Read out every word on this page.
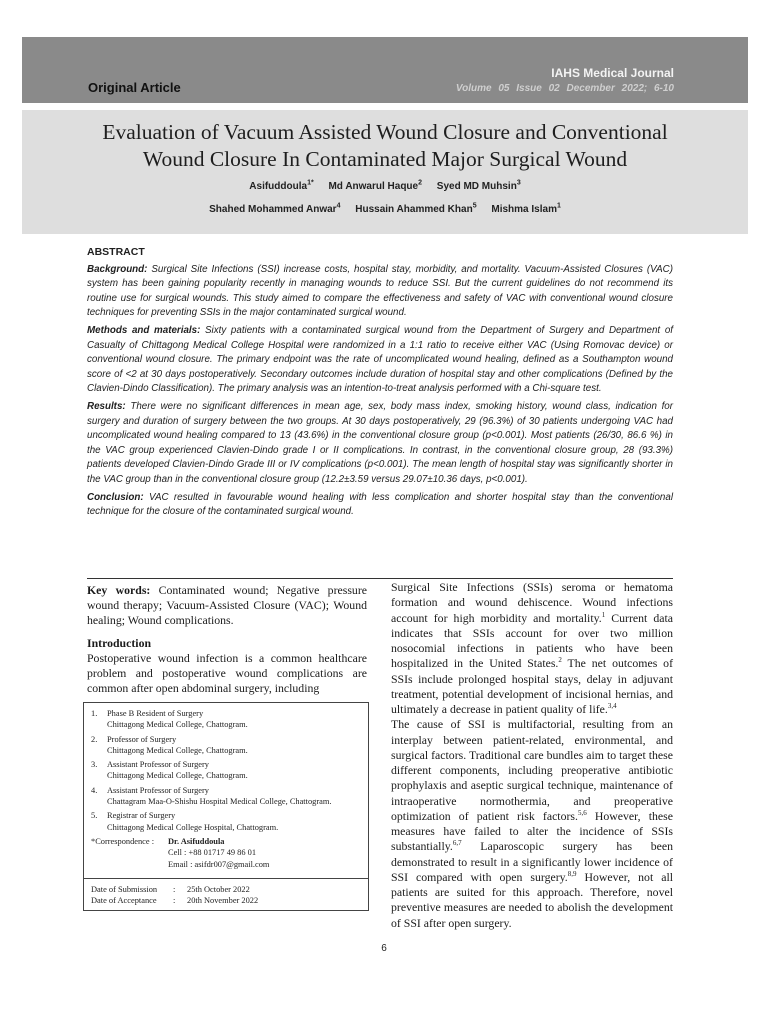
Original Article
IAHS Medical Journal
Volume 05 Issue 02 December 2022; 6-10
Evaluation of Vacuum Assisted Wound Closure and Conventional
Wound Closure In Contaminated Major Surgical Wound
Asifuddoula$^{1*}$ Md Anwarul Haque$^2$ Syed MD Muhsin$^3$
Shahed Mohammed Anwar$^4$ Hussain Ahammed Khan$^5$ Mishma Islam$^1$
ABSTRACT

Background: Surgical Site Infections (SSI) increase costs, hospital stay, morbidity, and mortality. Vacuum-Assisted Closures (VAC) system has been gaining popularity recently in managing wounds to reduce SSI. But the current guidelines do not recommend its routine use for surgical wounds. This study aimed to compare the effectiveness and safety of VAC with conventional wound closure techniques for preventing SSIs in the major contaminated surgical wound.

Methods and materials: Sixty patients with a contaminated surgical wound from the Department of Surgery and Department of Casualty of Chittagong Medical College Hospital were randomized in a 1:1 ratio to receive either VAC (Using Romovac device) or conventional wound closure. The primary endpoint was the rate of uncomplicated wound healing, defined as a Southampton wound score of <2 at 30 days postoperatively. Secondary outcomes include duration of hospital stay and other complications (Defined by the Clavien-Dindo Classification). The primary analysis was an intention-to-treat analysis performed with a Chi-square test.

Results: There were no significant differences in mean age, sex, body mass index, smoking history, wound class, indication for surgery and duration of surgery between the two groups. At 30 days postoperatively, 29 (96.3%) of 30 patients undergoing VAC had uncomplicated wound healing compared to 13 (43.6%) in the conventional closure group (p<0.001). Most patients (26/30, 86.6 %) in the VAC group experienced Clavien-Dindo grade I or II complications. In contrast, in the conventional closure group, 28 (93.3%) patients developed Clavien-Dindo Grade III or IV complications (p<0.001). The mean length of hospital stay was significantly shorter in the VAC group than in the conventional closure group (12.2±3.59 versus 29.07±10.36 days, p<0.001).

Conclusion: VAC resulted in favourable wound healing with less complication and shorter hospital stay than the conventional technique for the closure of the contaminated surgical wound.

Key words: Contaminated wound; Negative pressure wound therapy; Vacuum-Assisted Closure (VAC); Wound healing; Wound complications.

Introduction

Postoperative wound infection is a common healthcare problem and postoperative wound complications are common after open abdominal surgery, including

Surgical Site Infections (SSIs) seroma or hematoma formation and wound dehiscence. Wound infections account for high morbidity and mortality.$^1$ Current data indicates that SSIs account for over two million nosocomial infections in patients who have been hospitalized in the United States.$^2$ The net outcomes of SSIs include prolonged hospital stays, delay in adjuvant treatment, potential development of incisional hernias, and ultimately a decrease in patient quality of life.$^{3,4}$

The cause of SSI is multifactorial, resulting from an interplay between patient-related, environmental, and surgical factors. Traditional care bundles aim to target these different components, including preoperative antibiotic prophylaxis and aseptic surgical technique, maintenance of intraoperative normothermia, and preoperative optimization of patient risk factors.$^{5,6}$ However, these measures have failed to alter the incidence of SSIs substantially.$^{6,7}$ Laparoscopic surgery has been demonstrated to result in a significantly lower incidence of SSI compared with open surgery.$^{8,9}$ However, not all patients are suited for this approach. Therefore, novel preventive measures are needed to abolish the development of SSI after open surgery.

1.	Phase B Resident of Surgery
Chittagong Medical College, Chattogram.
2.	Professor of Surgery
Chittagong Medical College, Chattogram.
3.	Assistant Professor of Surgery
Chittagong Medical College, Chattogram.
4.	Assistant Professor of Surgery
Chattagram Maa-O-Shishu Hospital Medical College, Chattogram.
5.	Registrar of Surgery
Chittagong Medical College Hospital, Chattogram.
*Correspondence :	Dr. Asifuddoula
Cell : +88 01717 49 86 01
Email : asifdr007@gmail.com
Date of Submission	:	25th October 2022
Date of Acceptance	:	20th November 2022
6
